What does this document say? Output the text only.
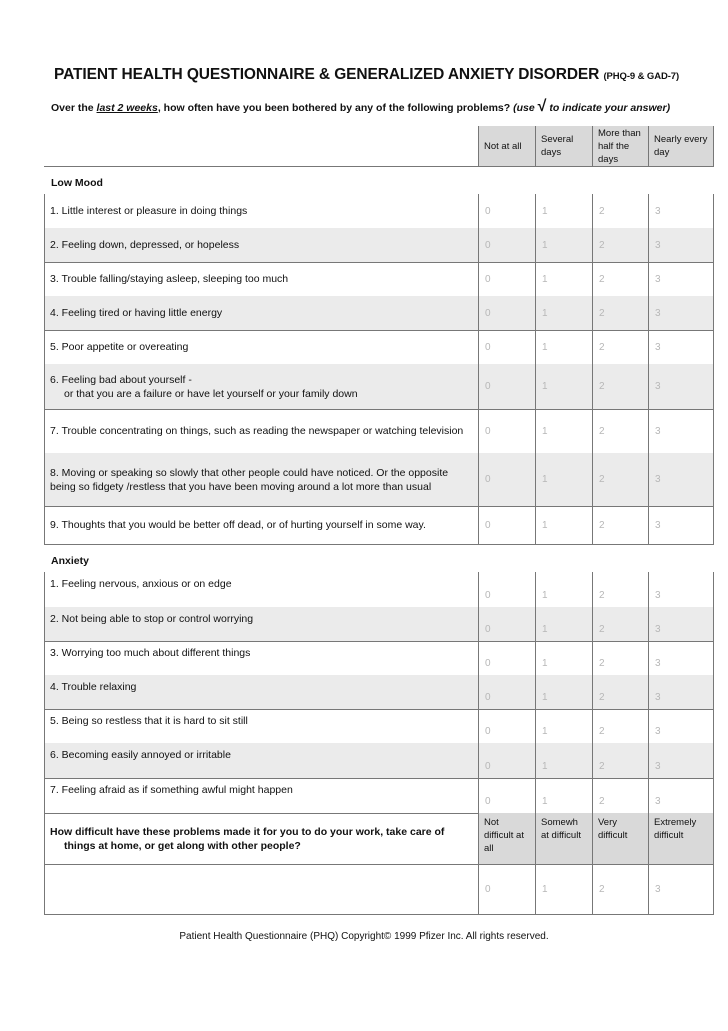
PATIENT HEALTH QUESTIONNAIRE & GENERALIZED ANXIETY DISORDER (PHQ-9 & GAD-7)
Over the last 2 weeks, how often have you been bothered by any of the following problems? (use √ to indicate your answer)
Not at all
Several days
More than half the days
Nearly every day
Low Mood
1. Little interest or pleasure in doing things	0	1	2	3
2. Feeling down, depressed, or hopeless	0	1	2	3
3. Trouble falling/staying asleep, sleeping too much	0	1	2	3
4. Feeling tired or having little energy	0	1	2	3
5. Poor appetite or overeating	0	1	2	3
6. Feeling bad about yourself -
or that you are a failure or have let yourself or your family down
0	1	2	3
7. Trouble concentrating on things, such as reading the newspaper or watching television	0	1	2	3
8. Moving or speaking so slowly that other people could have noticed. Or the opposite being so fidgety /restless that you have been moving around a lot more than usual
0	1	2	3
9. Thoughts that you would be better off dead, or of hurting yourself in some way.	0	1	2	3
Anxiety
1. Feeling nervous, anxious or on edge
0	1	2	3
2. Not being able to stop or control worrying
0	1	2	3
3. Worrying too much about different things
0	1	2	3
4. Trouble relaxing
0	1	2	3
5. Being so restless that it is hard to sit still
0	1	2	3
6. Becoming easily annoyed or irritable
0	1	2	3
7. Feeling afraid as if something awful might happen
0	1	2	3
How difficult have these problems made it for you to do your work, take care of
things at home, or get along with other people?
Not difficult at all
Somewh at difficult
Very difficult
Extremely difficult
0	1	2	3
Patient Health Questionnaire (PHQ) Copyright© 1999 Pfizer Inc. All rights reserved.
